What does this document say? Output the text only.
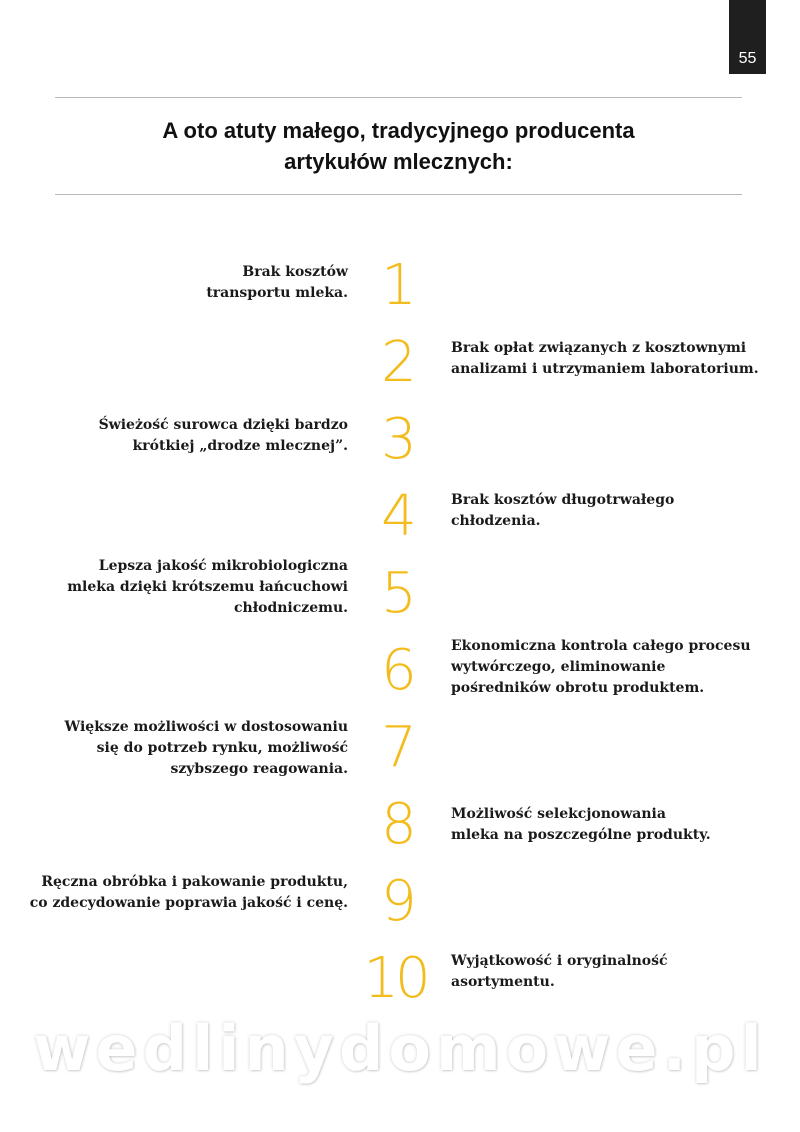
55
A oto atuty małego, tradycyjnego producenta
artykułów mlecznych:
1
Brak kosztów
transportu mleka.
2	Brak opłat związanych z kosztownymi
analizami i utrzymaniem laboratorium.
3
Świeżość surowca dzięki bardzo
krótkiej „drodze mlecznej”.
4	Brak kosztów długotrwałego
chłodzenia.
5
Lepsza jakość mikrobiologiczna
mleka dzięki krótszemu łańcuchowi
chłodniczemu.
6	Ekonomiczna kontrola całego procesu
wytwórczego, eliminowanie
pośredników obrotu produktem.
7
Większe możliwości w dostosowaniu
się do potrzeb rynku, możliwość
szybszego reagowania.
8	Możliwość selekcjonowania
mleka na poszczególne produkty.
9
Ręczna obróbka i pakowanie produktu,
co zdecydowanie poprawia jakość i cenę.
10	Wyjątkowość i oryginalność
asortymentu.
wedlinydomowe.pl
